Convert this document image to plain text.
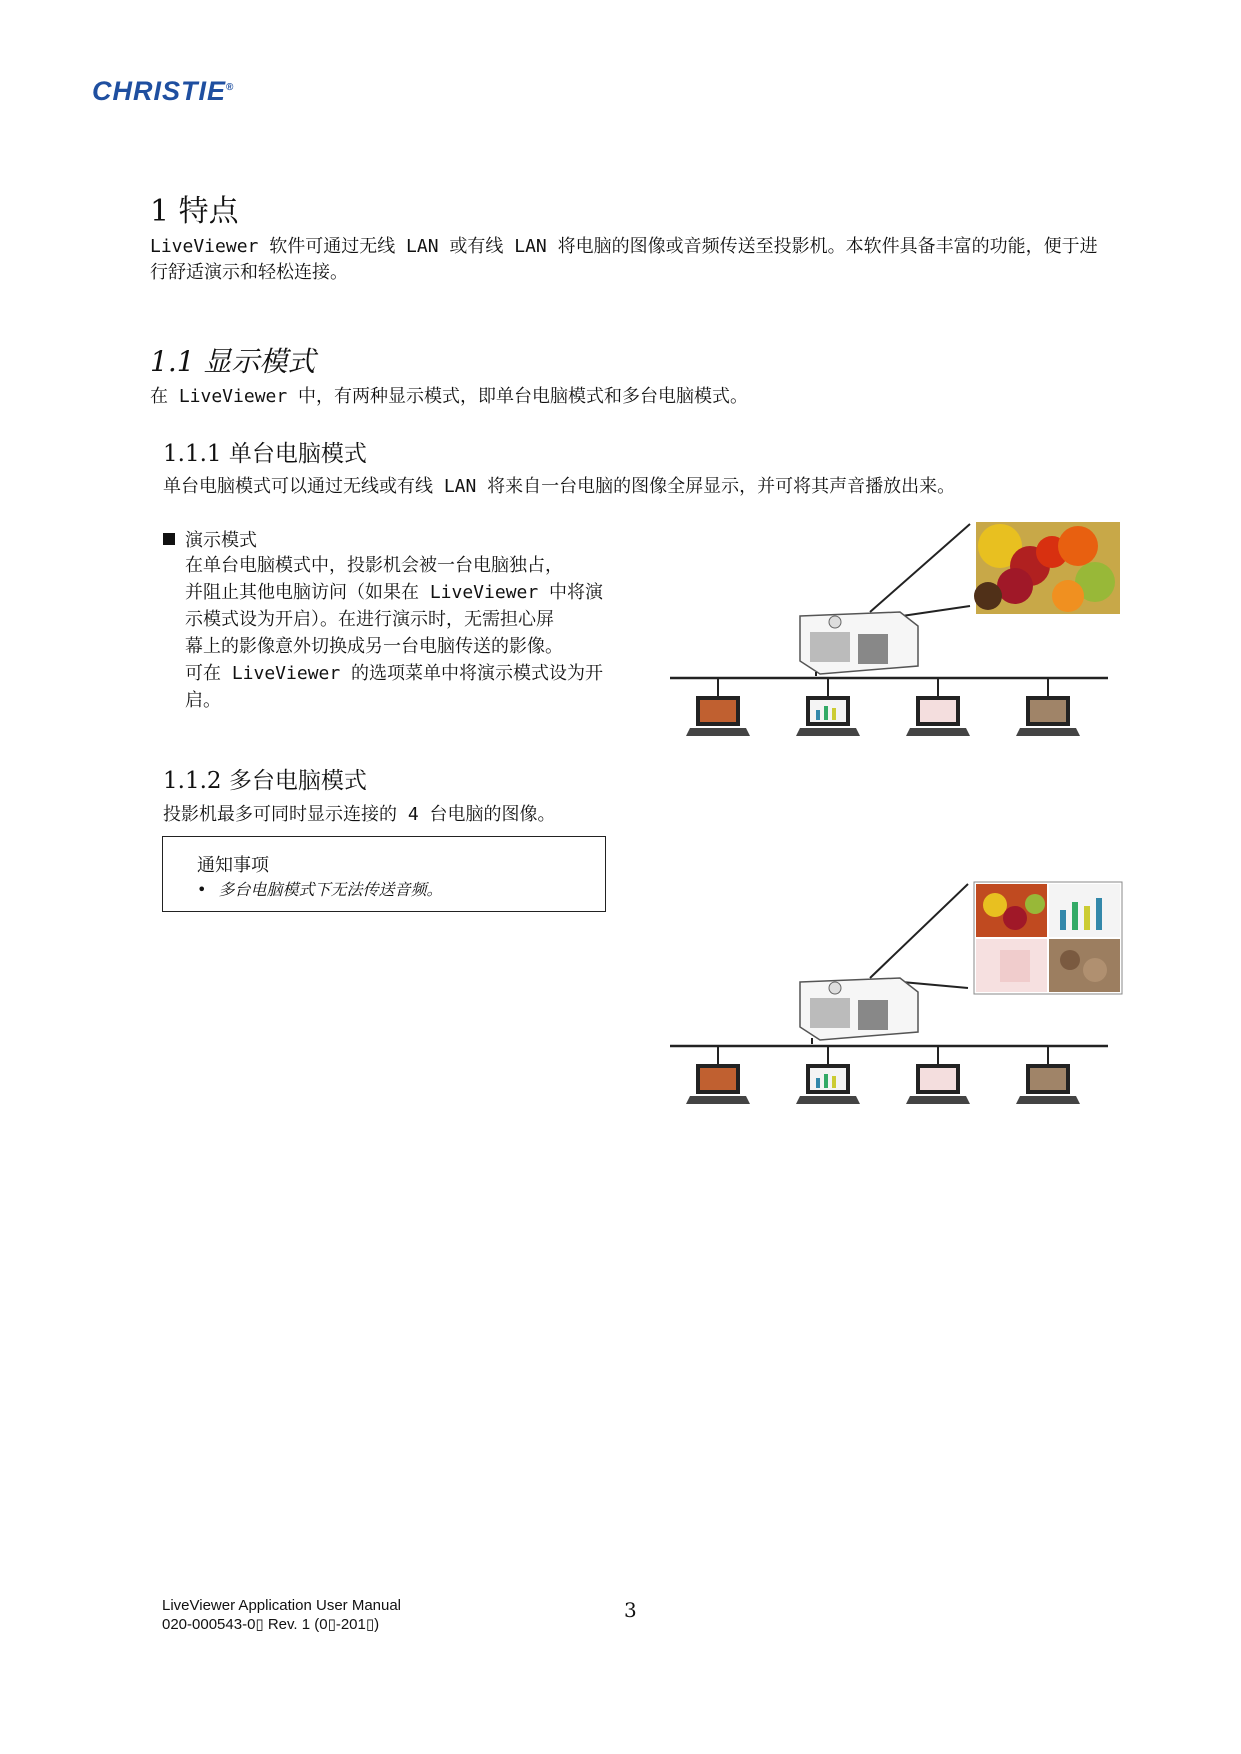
CHRISTIE®
1 特点
LiveViewer 软件可通过无线 LAN 或有线 LAN 将电脑的图像或音频传送至投影机。本软件具备丰富的功能，便于进行舒适演示和轻松连接。
1.1 显示模式
在 LiveViewer 中，有两种显示模式，即单台电脑模式和多台电脑模式。
1.1.1 单台电脑模式
单台电脑模式可以通过无线或有线 LAN 将来自一台电脑的图像全屏显示，并可将其声音播放出来。
演示模式
在单台电脑模式中，投影机会被一台电脑独占，
并阻止其他电脑访问（如果在 LiveViewer 中将演
示模式设为开启）。在进行演示时，无需担心屏
幕上的影像意外切换成另一台电脑传送的影像。
可在 LiveViewer 的选项菜单中将演示模式设为开
启。
1.1.2 多台电脑模式
投影机最多可同时显示连接的 4 台电脑的图像。
通知事项
• 多台电脑模式下无法传送音频。
LiveViewer Application User Manual
020-000543-0▯ Rev. 1 (0▯-201▯)
3
